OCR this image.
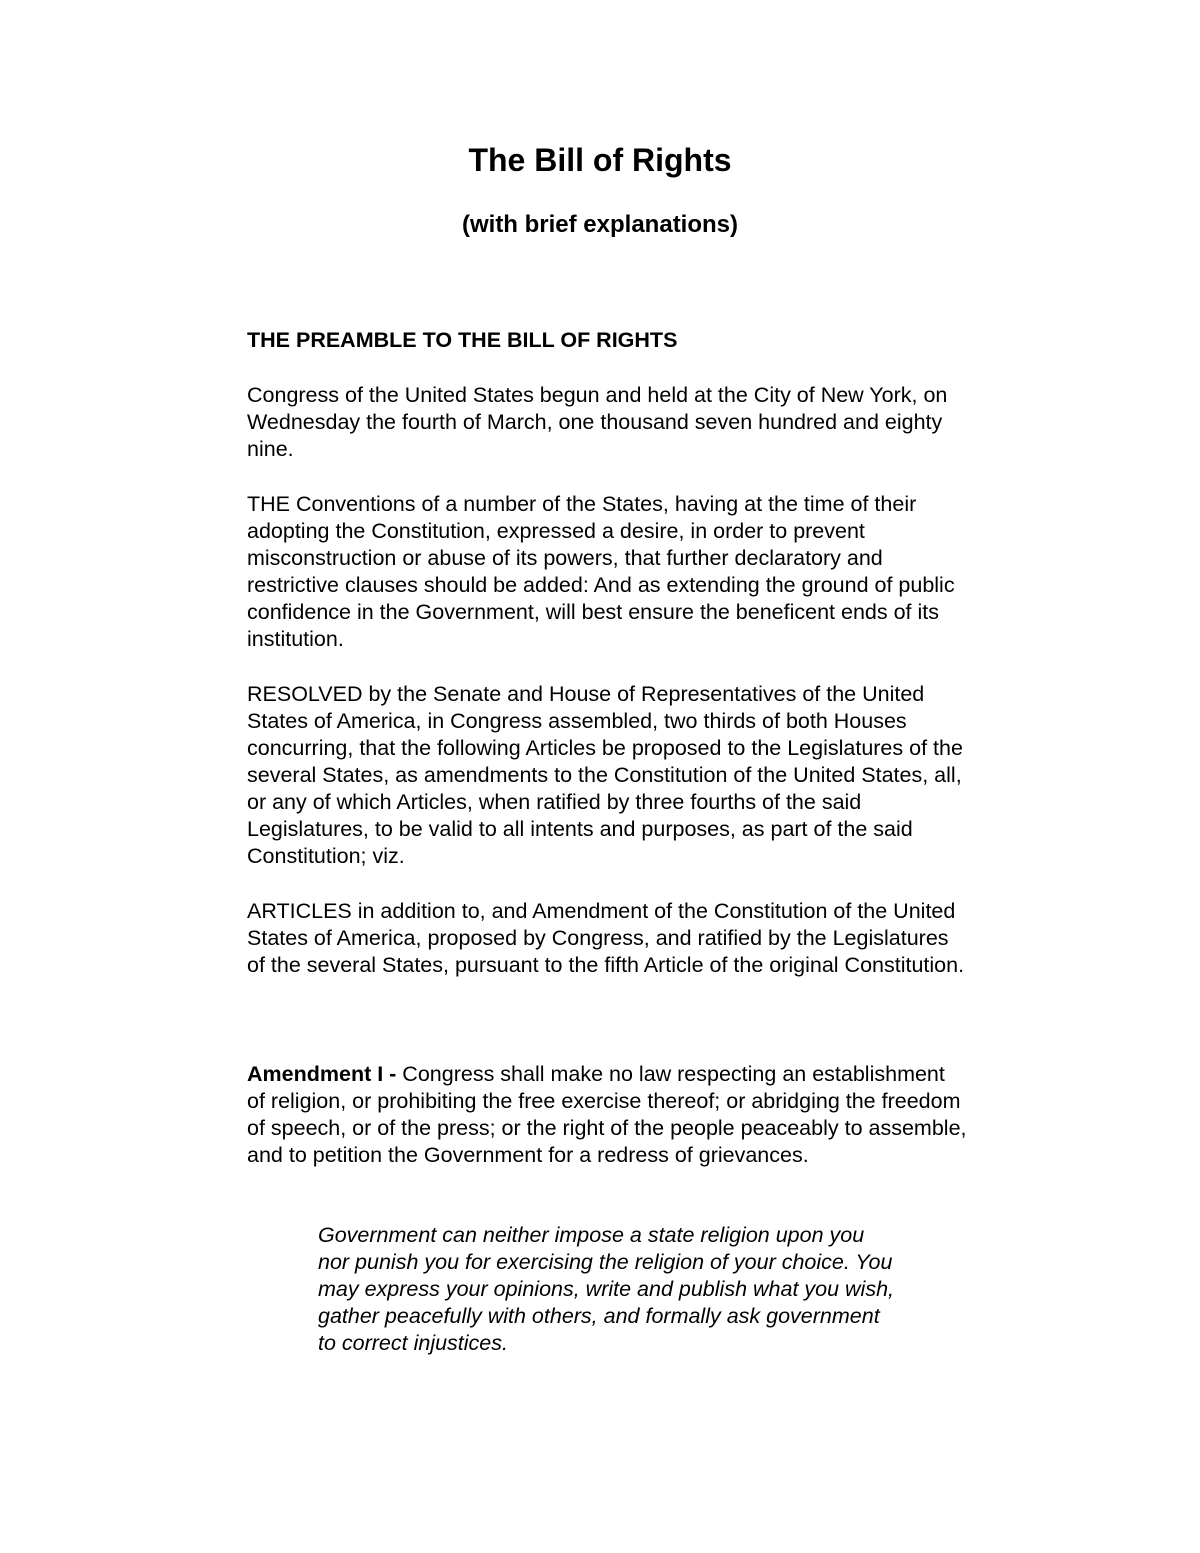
The Bill of Rights
(with brief explanations)
THE PREAMBLE TO THE BILL OF RIGHTS

Congress of the United States begun and held at the City of New York, on Wednesday the fourth of March, one thousand seven hundred and eighty nine.

THE Conventions of a number of the States, having at the time of their adopting the Constitution, expressed a desire, in order to prevent misconstruction or abuse of its powers, that further declaratory and restrictive clauses should be added: And as extending the ground of public confidence in the Government, will best ensure the beneficent ends of its institution.

RESOLVED by the Senate and House of Representatives of the United States of America, in Congress assembled, two thirds of both Houses concurring, that the following Articles be proposed to the Legislatures of the several States, as amendments to the Constitution of the United States, all, or any of which Articles, when ratified by three fourths of the said Legislatures, to be valid to all intents and purposes, as part of the said Constitution; viz.

ARTICLES in addition to, and Amendment of the Constitution of the United States of America, proposed by Congress, and ratified by the Legislatures of the several States, pursuant to the fifth Article of the original Constitution.

Amendment I - Congress shall make no law respecting an establishment of religion, or prohibiting the free exercise thereof; or abridging the freedom of speech, or of the press; or the right of the people peaceably to assemble, and to petition the Government for a redress of grievances.

Government can neither impose a state religion upon you nor punish you for exercising the religion of your choice. You may express your opinions, write and publish what you wish, gather peacefully with others, and formally ask government to correct injustices.
